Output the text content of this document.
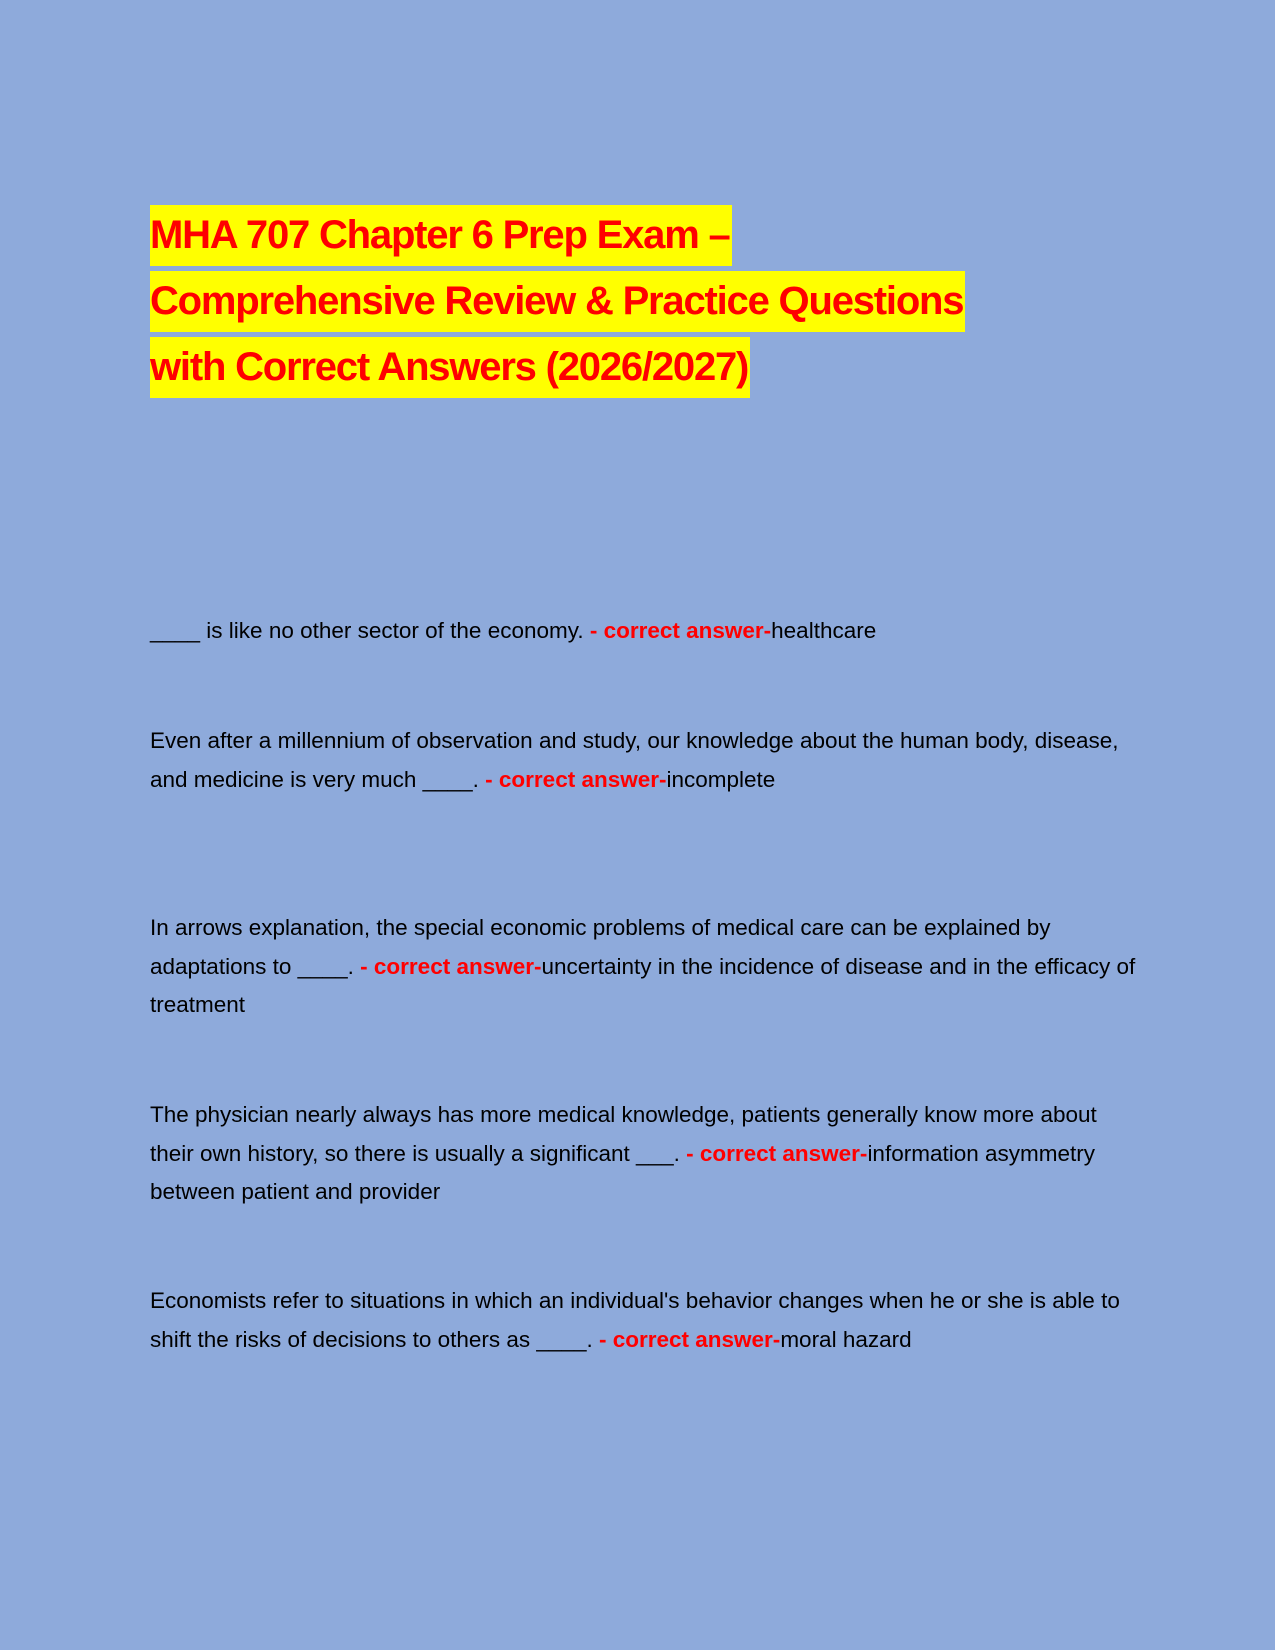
MHA 707 Chapter 6 Prep Exam –
Comprehensive Review & Practice Questions
with Correct Answers (2026/2027)

____ is like no other sector of the economy. - correct answer-healthcare

Even after a millennium of observation and study, our knowledge about the human body, disease, and medicine is very much ____. - correct answer-incomplete

In arrows explanation, the special economic problems of medical care can be explained by adaptations to ____. - correct answer-uncertainty in the incidence of disease and in the efficacy of treatment

The physician nearly always has more medical knowledge, patients generally know more about their own history, so there is usually a significant ___. - correct answer-information asymmetry between patient and provider

Economists refer to situations in which an individual's behavior changes when he or she is able to shift the risks of decisions to others as ____. - correct answer-moral hazard
